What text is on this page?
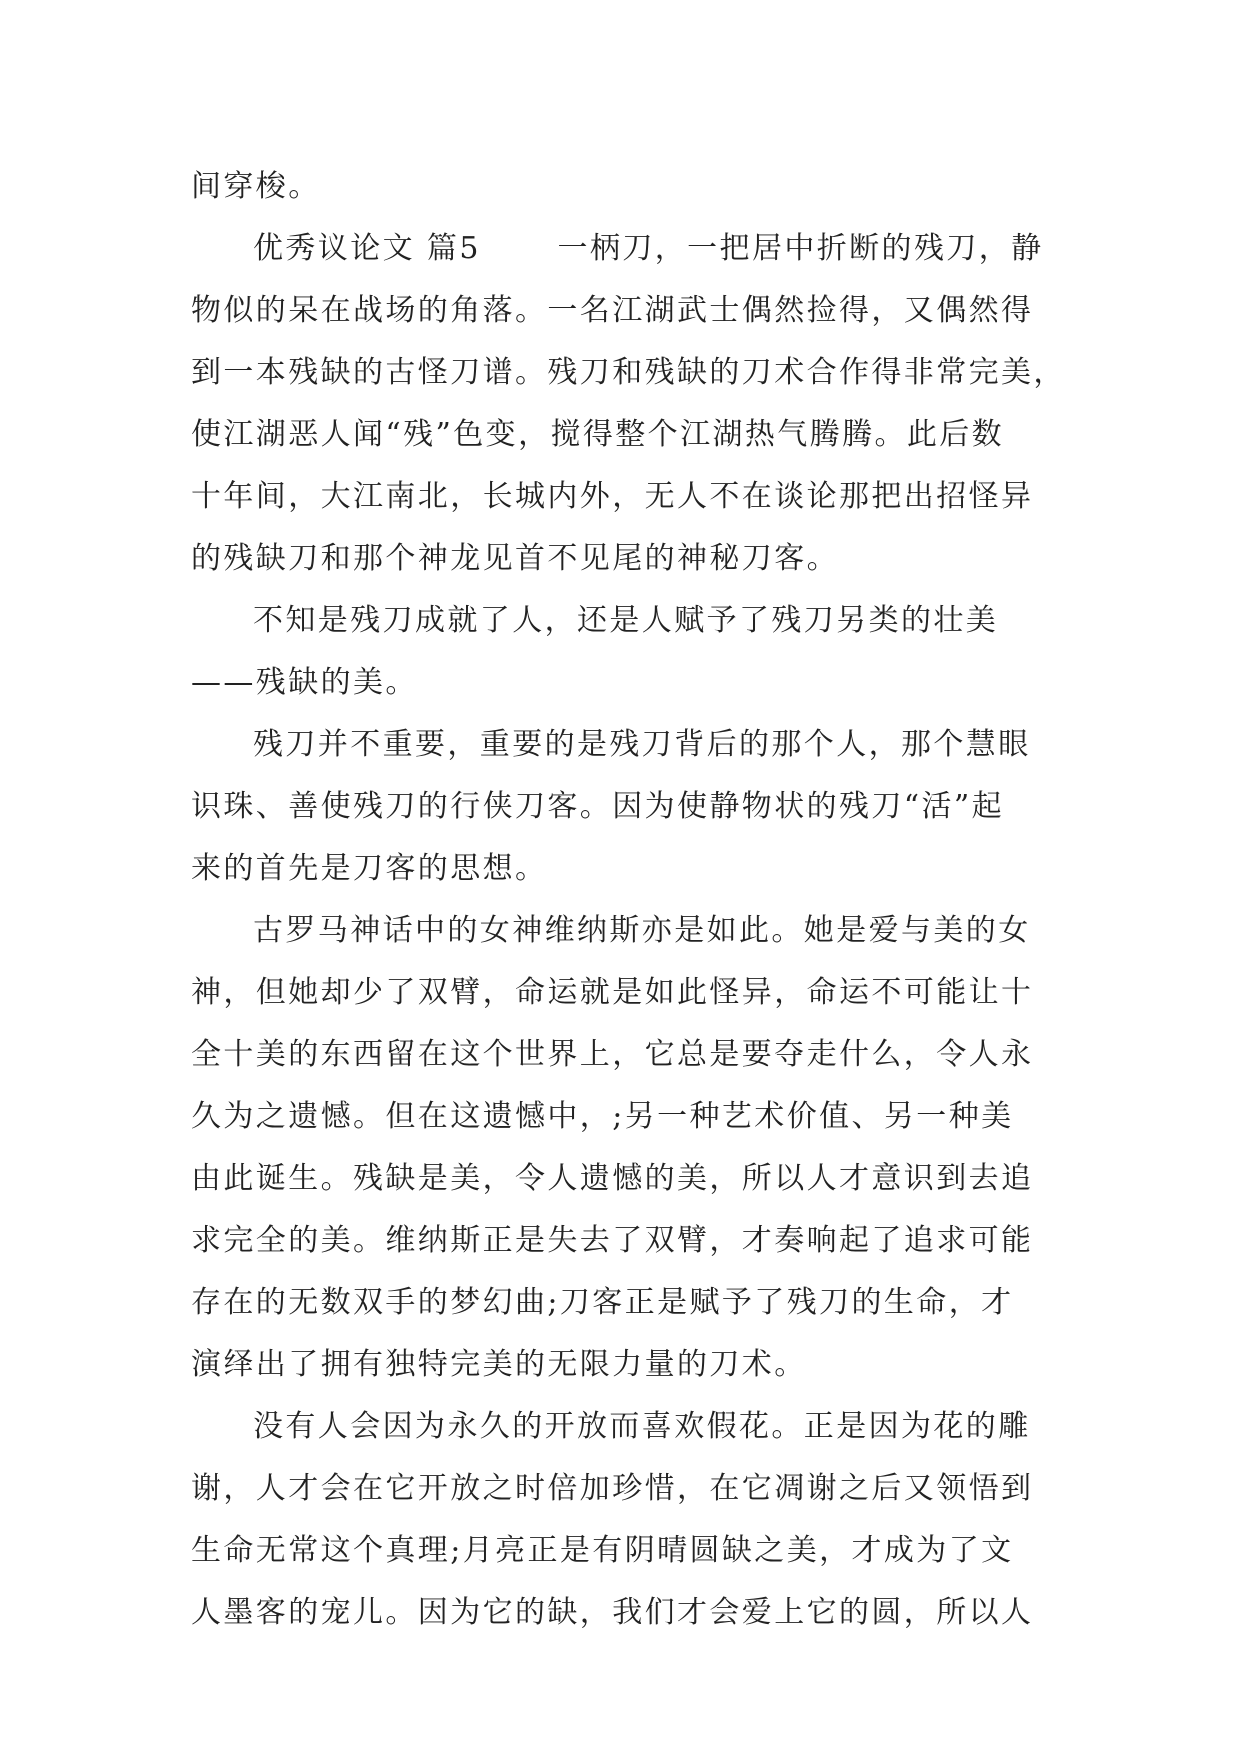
间穿梭。
优秀议论文 篇5　　 一柄刀，一把居中折断的残刀，静
物似的呆在战场的角落。一名江湖武士偶然捡得，又偶然得
到一本残缺的古怪刀谱。残刀和残缺的刀术合作得非常完美，
使江湖恶人闻“残”色变，搅得整个江湖热气腾腾。此后数
十年间，大江南北，长城内外，无人不在谈论那把出招怪异
的残缺刀和那个神龙见首不见尾的神秘刀客。
不知是残刀成就了人，还是人赋予了残刀另类的壮美
——残缺的美。
残刀并不重要，重要的是残刀背后的那个人，那个慧眼
识珠、善使残刀的行侠刀客。因为使静物状的残刀“活”起
来的首先是刀客的思想。
古罗马神话中的女神维纳斯亦是如此。她是爱与美的女
神，但她却少了双臂，命运就是如此怪异，命运不可能让十
全十美的东西留在这个世界上，它总是要夺走什么，令人永
久为之遗憾。但在这遗憾中，;另一种艺术价值、另一种美
由此诞生。残缺是美，令人遗憾的美，所以人才意识到去追
求完全的美。维纳斯正是失去了双臂，才奏响起了追求可能
存在的无数双手的梦幻曲;刀客正是赋予了残刀的生命，才
演绎出了拥有独特完美的无限力量的刀术。
没有人会因为永久的开放而喜欢假花。正是因为花的雕
谢，人才会在它开放之时倍加珍惜，在它凋谢之后又领悟到
生命无常这个真理;月亮正是有阴晴圆缺之美，才成为了文
人墨客的宠儿。因为它的缺，我们才会爱上它的圆，所以人
